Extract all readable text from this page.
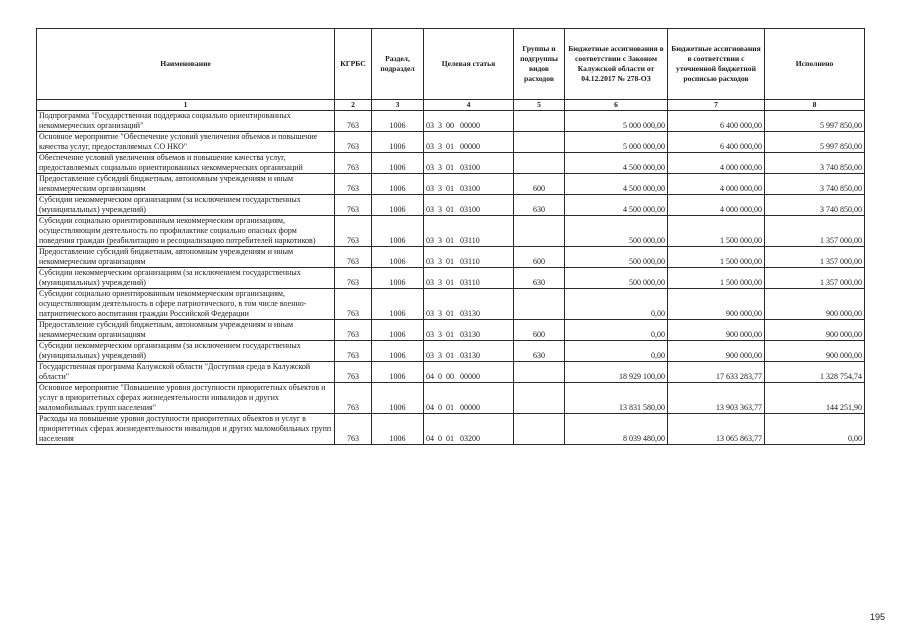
Наименование	КГРБС	Раздел, подраздел	Целевая статья	Группы и подгруппы видов расходов	Бюджетные ассигнования в соответствии с Законом Калужской области от 04.12.2017 № 278-ОЗ	Бюджетные ассигнования в соответствии с уточненной бюджетной росписью расходов	Исполнено
1	2	3	4	5	6	7	8
Подпрограмма "Государственная поддержка социально ориентированных некоммерческих организаций"	763	1006	03 3 00 00000		5 000 000,00	6 400 000,00	5 997 850,00
Основное мероприятие "Обеспечение условий увеличения объемов и повышение качества услуг, предоставляемых СО НКО"	763	1006	03 3 01 00000		5 000 000,00	6 400 000,00	5 997 850,00
Обеспечение условий увеличения объемов и повышение качества услуг, предоставляемых социально ориентированных некоммерческих организаций	763	1006	03 3 01 03100		4 500 000,00	4 000 000,00	3 740 850,00
Предоставление субсидий бюджетным, автономным учреждениям и иным некоммерческим организациям	763	1006	03 3 01 03100	600	4 500 000,00	4 000 000,00	3 740 850,00
Субсидии некоммерческим организациям (за исключением государственных (муниципальных) учреждений)	763	1006	03 3 01 03100	630	4 500 000,00	4 000 000,00	3 740 850,00
Субсидии социально ориентированным некоммерческим организациям, осуществляющим деятельность по профилактике социально опасных форм поведения граждан (реабилитацию и ресоциализацию потребителей наркотиков)	763	1006	03 3 01 03110		500 000,00	1 500 000,00	1 357 000,00
Предоставление субсидий бюджетным, автономным учреждениям и иным некоммерческим организациям	763	1006	03 3 01 03110	600	500 000,00	1 500 000,00	1 357 000,00
Субсидии некоммерческим организациям (за исключением государственных (муниципальных) учреждений)	763	1006	03 3 01 03110	630	500 000,00	1 500 000,00	1 357 000,00
Субсидии социально ориентированным некоммерческим организациям, осуществляющим деятельность в сфере патриотического, в том числе военно-патриотического воспитания граждан Российской Федерации	763	1006	03 3 01 03130		0,00	900 000,00	900 000,00
Предоставление субсидий бюджетным, автономным учреждениям и иным некоммерческим организациям	763	1006	03 3 01 03130	600	0,00	900 000,00	900 000,00
Субсидии некоммерческим организациям (за исключением государственных (муниципальных) учреждений)	763	1006	03 3 01 03130	630	0,00	900 000,00	900 000,00
Государственная программа Калужской области "Доступная среда в Калужской области"	763	1006	04 0 00 00000		18 929 100,00	17 633 283,77	1 328 754,74
Основное мероприятие "Повышение уровня доступности приоритетных объектов и услуг в приоритетных сферах жизнедеятельности инвалидов и других маломобильных групп населения"	763	1006	04 0 01 00000		13 831 580,00	13 903 363,77	144 251,90
Расходы на повышение уровня доступности приоритетных объектов и услуг в приоритетных сферах жизнедеятельности инвалидов и других маломобильных групп населения	763	1006	04 0 01 03200		8 039 480,00	13 065 863,77	0,00
195
